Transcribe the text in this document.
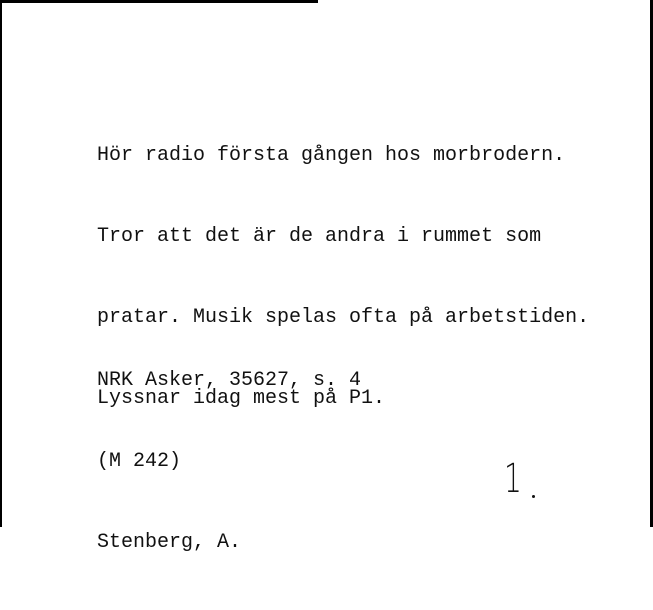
Hör radio första gången hos morbrodern.

Tror att det är de andra i rummet som

pratar. Musik spelas ofta på arbetstiden.

Lyssnar idag mest på P1.

NRK Asker, 35627, s. 4

(M 242)

Stenberg, A.

1
